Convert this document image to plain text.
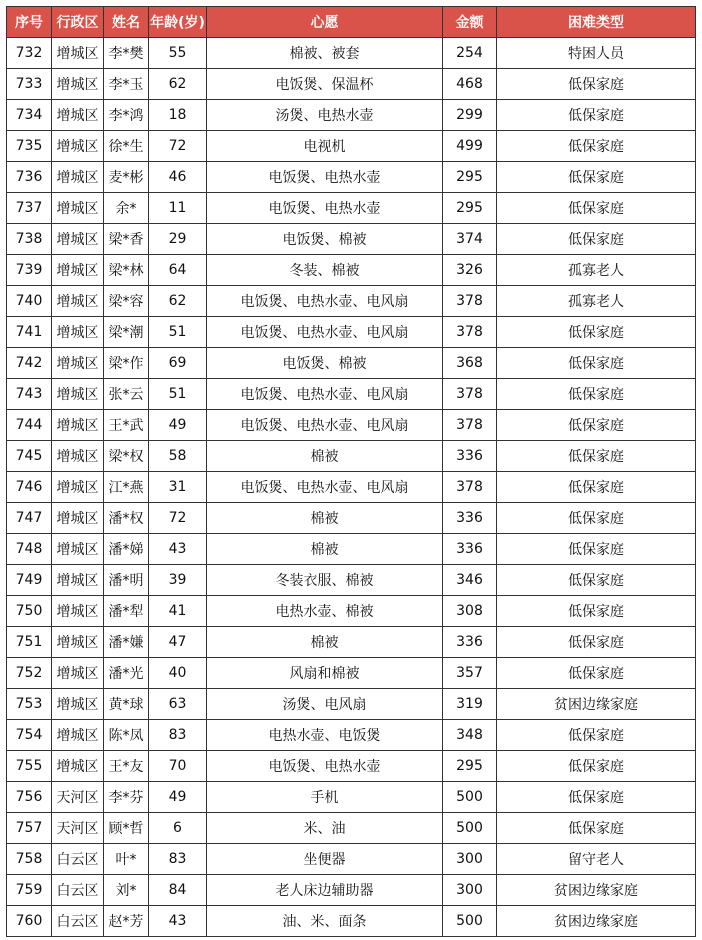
序号	行政区	姓名	年龄(岁)	心愿	金额	困难类型
732	增城区	李*樊	55	棉被、被套	254	特困人员
733	增城区	李*玉	62	电饭煲、保温杯	468	低保家庭
734	增城区	李*鸿	18	汤煲、电热水壶	299	低保家庭
735	增城区	徐*生	72	电视机	499	低保家庭
736	增城区	麦*彬	46	电饭煲、电热水壶	295	低保家庭
737	增城区	余*	11	电饭煲、电热水壶	295	低保家庭
738	增城区	梁*香	29	电饭煲、棉被	374	低保家庭
739	增城区	梁*林	64	冬装、棉被	326	孤寡老人
740	增城区	梁*容	62	电饭煲、电热水壶、电风扇	378	孤寡老人
741	增城区	梁*潮	51	电饭煲、电热水壶、电风扇	378	低保家庭
742	增城区	梁*作	69	电饭煲、棉被	368	低保家庭
743	增城区	张*云	51	电饭煲、电热水壶、电风扇	378	低保家庭
744	增城区	王*武	49	电饭煲、电热水壶、电风扇	378	低保家庭
745	增城区	梁*权	58	棉被	336	低保家庭
746	增城区	江*燕	31	电饭煲、电热水壶、电风扇	378	低保家庭
747	增城区	潘*权	72	棉被	336	低保家庭
748	增城区	潘*娣	43	棉被	336	低保家庭
749	增城区	潘*明	39	冬装衣服、棉被	346	低保家庭
750	增城区	潘*犁	41	电热水壶、棉被	308	低保家庭
751	增城区	潘*嫌	47	棉被	336	低保家庭
752	增城区	潘*光	40	风扇和棉被	357	低保家庭
753	增城区	黄*球	63	汤煲、电风扇	319	贫困边缘家庭
754	增城区	陈*凤	83	电热水壶、电饭煲	348	低保家庭
755	增城区	王*友	70	电饭煲、电热水壶	295	低保家庭
756	天河区	李*芬	49	手机	500	低保家庭
757	天河区	顾*哲	6	米、油	500	低保家庭
758	白云区	叶*	83	坐便器	300	留守老人
759	白云区	刘*	84	老人床边辅助器	300	贫困边缘家庭
760	白云区	赵*芳	43	油、米、面条	500	贫困边缘家庭
